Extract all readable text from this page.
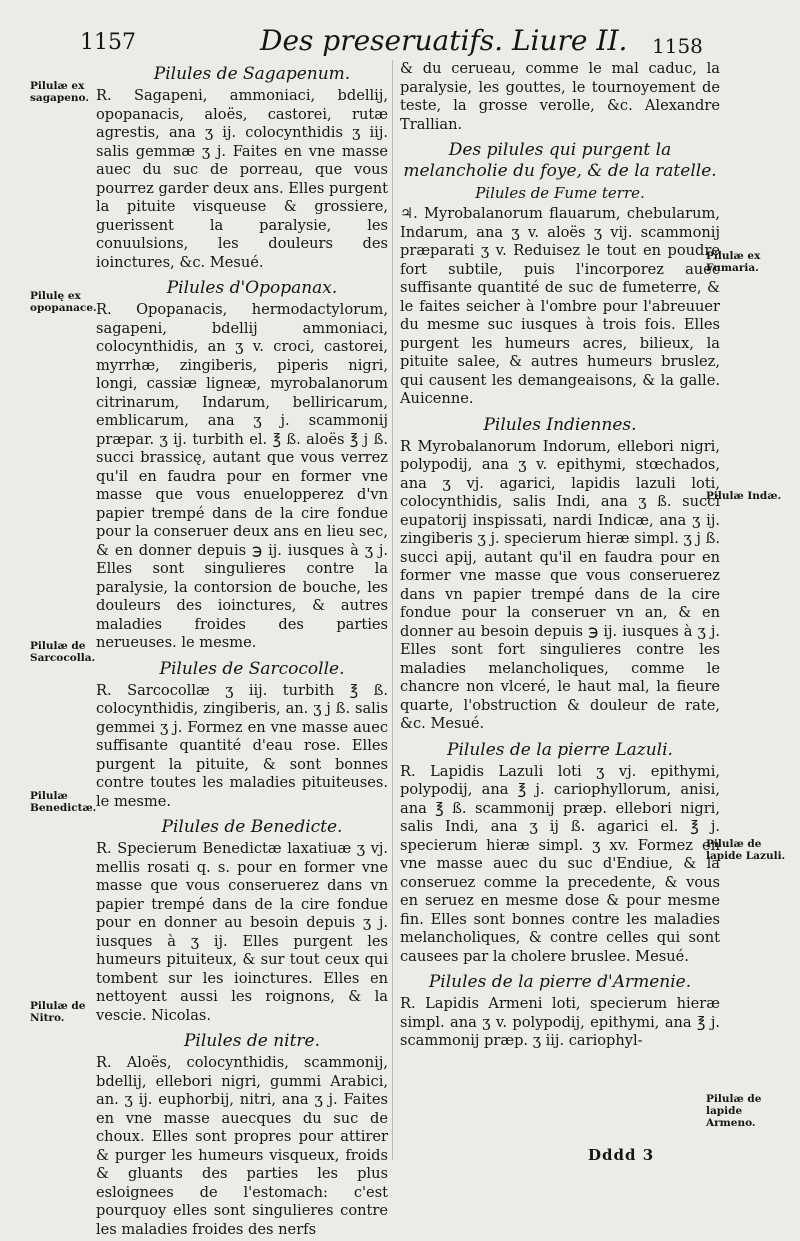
1157	Des preseruatifs. Liure II. 1158
Pilules de Sagapenum.

R. Sagapeni, ammoniaci, bdellij, opopanacis, aloës, castorei, rutæ agrestis, ana ʒ ij. colocynthidis ʒ iij. salis gemmæ ʒ j. Faites en vne masse auec du suc de porreau, que vous pourrez garder deux ans. Elles purgent la pituite visqueuse & grossiere, guerissent la paralysie, les conuulsions, les douleurs des ioinctures, &c. Mesué.

Pilules d'Opopanax.

R. Opopanacis, hermodactylorum, sagapeni, bdellij ammoniaci, colocynthidis, an ʒ v. croci, castorei, myrrhæ, zingiberis, piperis nigri, longi, cassiæ ligneæ, myrobalanorum citrinarum, Indarum, belliricarum, emblicarum, ana ʒ j. scammonij præpar. ʒ ij. turbith el. ℥ ß. aloës ℥ j ß. succi brassicę, autant que vous verrez qu'il en faudra pour en former vne masse que vous enuelopperez d'vn papier trempé dans de la cire fondue pour la conseruer deux ans en lieu sec, & en donner depuis ℈ ij. iusques à ʒ j. Elles sont singulieres contre la paralysie, la contorsion de bouche, les douleurs des ioinctures, & autres maladies froides des parties nerueuses. le mesme.

Pilules de Sarcocolle.

R. Sarcocollæ ʒ iij. turbith ℥ ß. colocynthidis, zingiberis, an. ʒ j ß. salis gemmei ʒ j. Formez en vne masse auec suffisante quantité d'eau rose. Elles purgent la pituite, & sont bonnes contre toutes les maladies pituiteuses. le mesme.

Pilules de Benedicte.

R. Specierum Benedictæ laxatiuæ ʒ vj. mellis rosati q. s. pour en former vne masse que vous conseruerez dans vn papier trempé dans de la cire fondue pour en donner au besoin depuis ʒ j. iusques à ʒ ij. Elles purgent les humeurs pituiteux, & sur tout ceux qui tombent sur les ioinctures. Elles en nettoyent aussi les roignons, & la vescie. Nicolas.

Pilules de nitre.

R. Aloës, colocynthidis, scammonij, bdellij, ellebori nigri, gummi Arabici, an. ʒ ij. euphorbij, nitri, ana ʒ j. Faites en vne masse auecques du suc de choux. Elles sont propres pour attirer & purger les humeurs visqueux, froids & gluants des parties les plus esloignees de l'estomach: c'est pourquoy elles sont singulieres contre les maladies froides des nerfs

& du cerueau, comme le mal caduc, la paralysie, les gouttes, le tournoyement de teste, la grosse verolle, &c. Alexandre Trallian.

Des pilules qui purgent la melancholie du foye, & de la ratelle.
Pilules de Fume terre.

♃. Myrobalanorum flauarum, chebularum, Indarum, ana ʒ v. aloës ʒ vij. scammonij præparati ʒ v. Reduisez le tout en poudre fort subtile, puis l'incorporez auec suffisante quantité de suc de fumeterre, & le faites seicher à l'ombre pour l'abreuuer du mesme suc iusques à trois fois. Elles purgent les humeurs acres, bilieux, la pituite salee, & autres humeurs bruslez, qui causent les demangeaisons, & la galle. Auicenne.

Pilules Indiennes.

R Myrobalanorum Indorum, ellebori nigri, polypodij, ana ʒ v. epithymi, stœchados, ana ʒ vj. agarici, lapidis lazuli loti, colocynthidis, salis Indi, ana ʒ ß. succi eupatorij inspissati, nardi Indicæ, ana ʒ ij. zingiberis ʒ j. specierum hieræ simpl. ʒ j ß. succi apij, autant qu'il en faudra pour en former vne masse que vous conseruerez dans vn papier trempé dans de la cire fondue pour la conseruer vn an, & en donner au besoin depuis ℈ ij. iusques à ʒ j. Elles sont fort singulieres contre les maladies melancholiques, comme le chancre non vlceré, le haut mal, la fieure quarte, l'obstruction & douleur de rate, &c. Mesué.

Pilules de la pierre Lazuli.

R. Lapidis Lazuli loti ʒ vj. epithymi, polypodij, ana ℥ j. cariophyllorum, anisi, ana ℥ ß. scammonij præp. ellebori nigri, salis Indi, ana ʒ ij ß. agarici el. ℥ j. specierum hieræ simpl. ʒ xv. Formez en vne masse auec du suc d'Endiue, & la conseruez comme la precedente, & vous en seruez en mesme dose & pour mesme fin. Elles sont bonnes contre les maladies melancholiques, & contre celles qui sont causees par la cholere bruslee. Mesué.

Pilules de la pierre d'Armenie.

R. Lapidis Armeni loti, specierum hieræ simpl. ana ʒ v. polypodij, epithymi, ana ℥ j. scammonij præp. ʒ iij. cariophyl-

Pilulæ ex sagapeno.
Pilulę ex opopanace.
Pilulæ de Sarcocolla.
Pilulæ Benedictæ.
Pilulæ de Nitro.
Pilulæ ex Fumaria.
Pilulæ Indæ.
Pilulæ de lapide Lazuli.
Pilulæ de lapide Armeno.
Dddd 3
